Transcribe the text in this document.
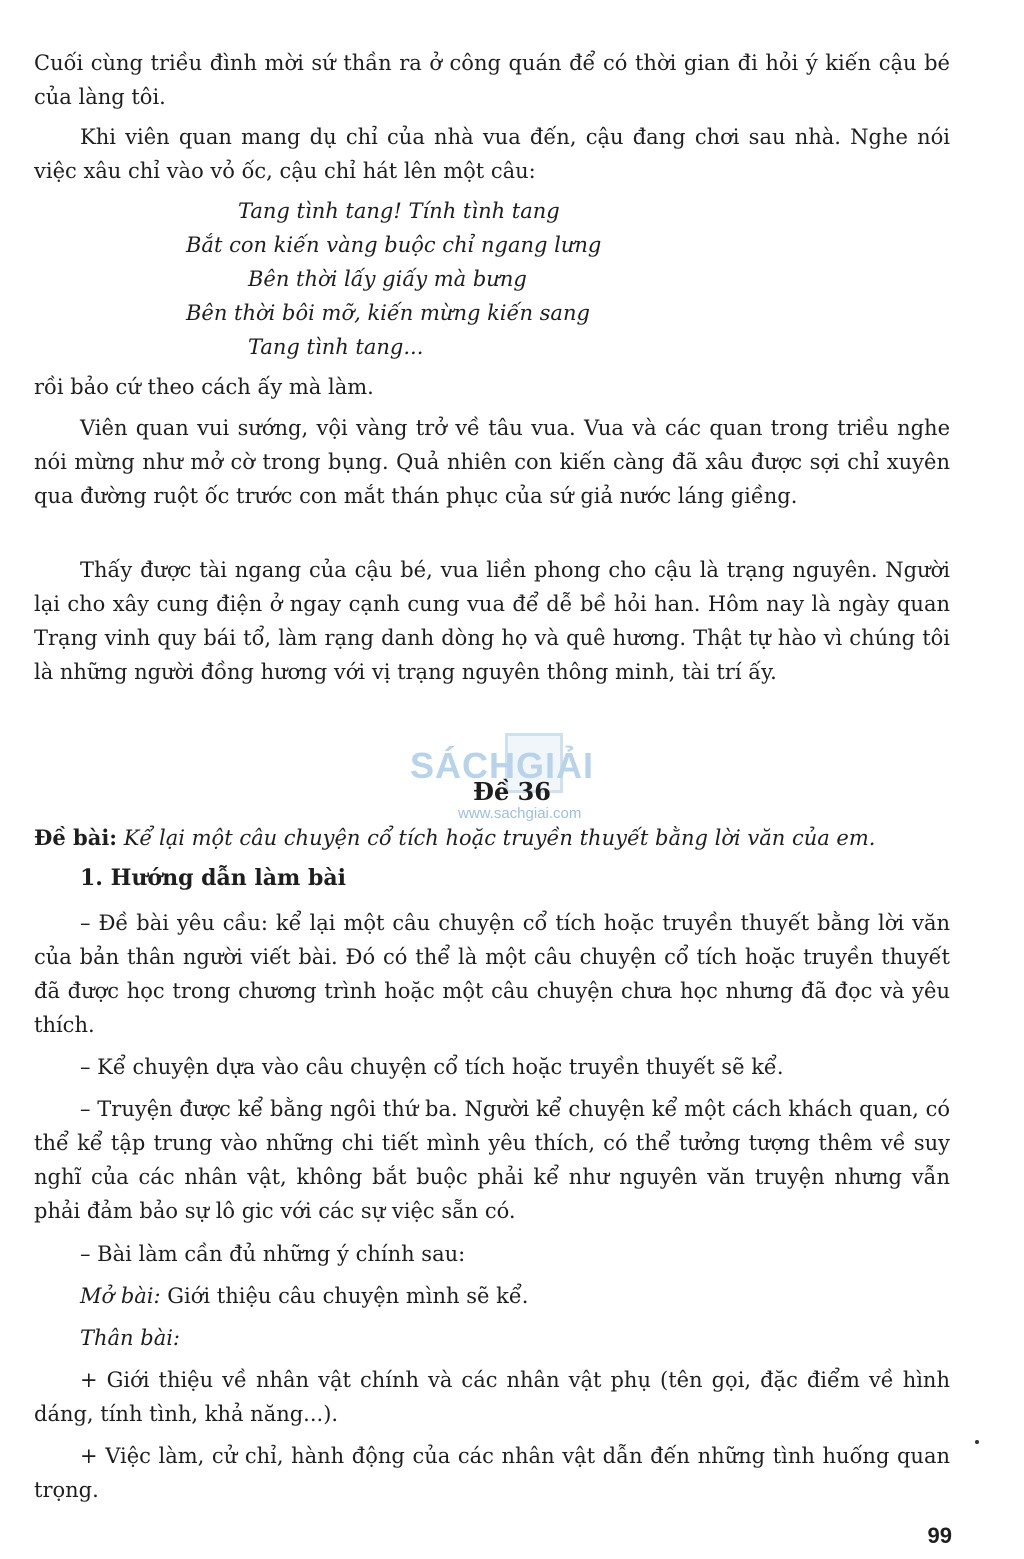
Cuối cùng triều đình mời sứ thần ra ở công quán để có thời gian đi hỏi ý kiến cậu bé của làng tôi.

Khi viên quan mang dụ chỉ của nhà vua đến, cậu đang chơi sau nhà. Nghe nói việc xâu chỉ vào vỏ ốc, cậu chỉ hát lên một câu:

Tang tình tang! Tính tình tang

Bắt con kiến vàng buộc chỉ ngang lưng

Bên thời lấy giấy mà bưng

Bên thời bôi mỡ, kiến mừng kiến sang

Tang tình tang...

rồi bảo cứ theo cách ấy mà làm.

Viên quan vui sướng, vội vàng trở về tâu vua. Vua và các quan trong triều nghe nói mừng như mở cờ trong bụng. Quả nhiên con kiến càng đã xâu được sợi chỉ xuyên qua đường ruột ốc trước con mắt thán phục của sứ giả nước láng giềng.

Thấy được tài ngang của cậu bé, vua liền phong cho cậu là trạng nguyên. Người lại cho xây cung điện ở ngay cạnh cung vua để dễ bề hỏi han. Hôm nay là ngày quan Trạng vinh quy bái tổ, làm rạng danh dòng họ và quê hương. Thật tự hào vì chúng tôi là những người đồng hương với vị trạng nguyên thông minh, tài trí ấy.

SÁCHGIẢI
www.sachgiai.com
Đề 36

Đề bài: Kể lại một câu chuyện cổ tích hoặc truyền thuyết bằng lời văn của em.

1. Hướng dẫn làm bài

– Đề bài yêu cầu: kể lại một câu chuyện cổ tích hoặc truyền thuyết bằng lời văn của bản thân người viết bài. Đó có thể là một câu chuyện cổ tích hoặc truyền thuyết đã được học trong chương trình hoặc một câu chuyện chưa học nhưng đã đọc và yêu thích.

– Kể chuyện dựa vào câu chuyện cổ tích hoặc truyền thuyết sẽ kể.

– Truyện được kể bằng ngôi thứ ba. Người kể chuyện kể một cách khách quan, có thể kể tập trung vào những chi tiết mình yêu thích, có thể tưởng tượng thêm về suy nghĩ của các nhân vật, không bắt buộc phải kể như nguyên văn truyện nhưng vẫn phải đảm bảo sự lô gic với các sự việc sẵn có.

– Bài làm cần đủ những ý chính sau:

Mở bài: Giới thiệu câu chuyện mình sẽ kể.

Thân bài:

+ Giới thiệu về nhân vật chính và các nhân vật phụ (tên gọi, đặc điểm về hình dáng, tính tình, khả năng...).

+ Việc làm, cử chỉ, hành động của các nhân vật dẫn đến những tình huống quan trọng.

99
